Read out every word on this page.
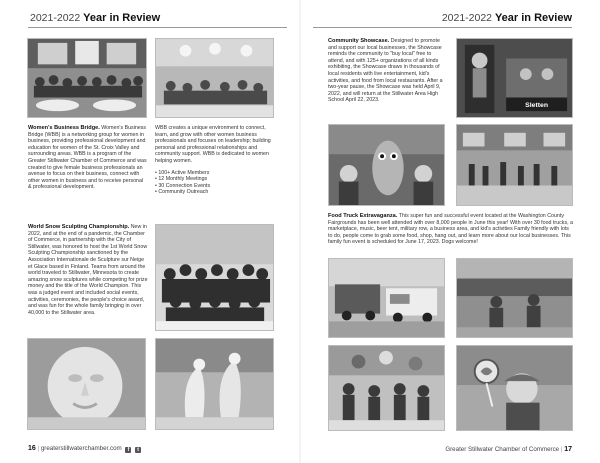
2021-2022 Year in Review
Women's Business Bridge. Women's Business Bridge (WBB) is a networking group for women in business, providing professional development and education for women of the St. Croix Valley and surrounding areas. WBB is a program of the Greater Stillwater Chamber of Commerce and was created to give female business professionals an avenue to focus on their business, connect with other women in business and to receive personal & professional development.

WBB creates a unique environment to connect, learn, and grow with other women business professionals and focuses on leadership; building personal and professional relationships and community support. WBB is dedicated to women helping women.

• 100+ Active Members
• 12 Monthly Meetings
• 30 Connection Events
• Community Outreach
World Snow Sculpting Championship. New in 2022, and at the end of a pandemic, the Chamber of Commerce, in partnership with the City of Stillwater, was honored to host the 1st World Snow Sculpting Championship sanctioned by the Association Internationale de Sculpture sur Neige et Glace based in Finland. Teams from around the world traveled to Stillwater, Minnesota to create amazing snow sculptures while competing for prize money and the title of the World Champion. This was a judged event and included social events, activities, ceremonies, the people's choice award, and was fun for the whole family bringing in over 40,000 to the Stillwater area.
16 | greaterstillwaterchamber.com f t
2021-2022 Year in Review
Community Showcase. Designed to promote and support our local businesses, the Showcase reminds the community to "buy local" free to attend, and with 125+ organizations of all kinds exhibiting, the Showcase draws in thousands of local residents with live entertainment, kid's activities, and food from local restaurants. After a two-year pause, the Showcase was held April 9, 2022, and will return at the Stillwater Area High School April 22, 2023.
Sletten
Food Truck Extravaganza. This super fun and successful event located at the Washington County Fairgrounds has been well attended with over 8,000 people in June this year! With over 30 food trucks, a marketplace, music, beer tent, military row, a business area, and kid's activities Family friendly with lots to do, people come to grab some food, shop, hang out, and learn more about our local businesses. This family fun event is scheduled for June 17, 2023. Dogs welcome!
Greater Stillwater Chamber of Commerce | 17
